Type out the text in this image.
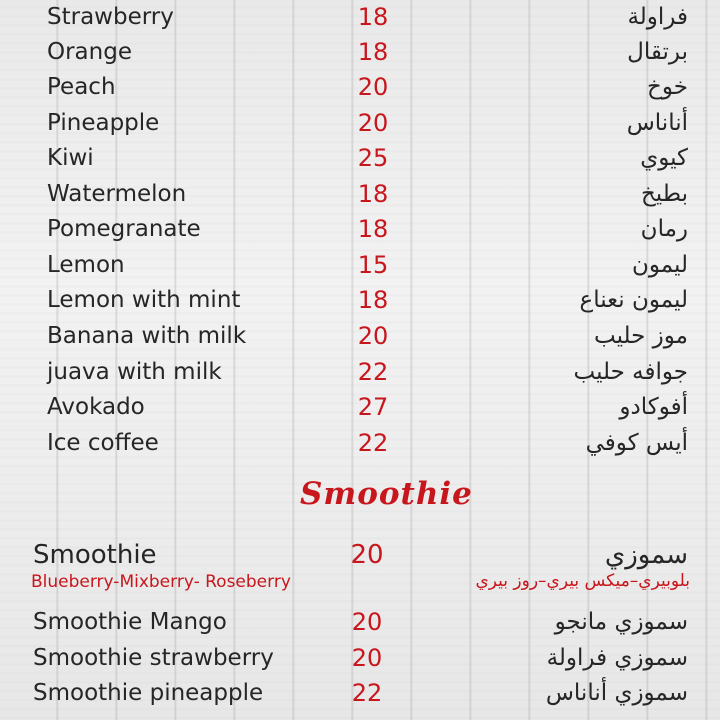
Strawberry	18	فراولة
Orange	18	برتقال
Peach	20	خوخ
Pineapple	20	أناناس
Kiwi	25	كيوي
Watermelon	18	بطيخ
Pomegranate	18	رمان
Lemon	15	ليمون
Lemon with mint	18	ليمون نعناع
Banana with milk	20	موز حليب
juava with milk	22	جوافه حليب
Avokado	27	أفوكادو
Ice coffee	22	أيس كوفي
Smoothie
Smoothie	20	سموزي
Blueberry-Mixberry- Roseberry	بلوبيري–ميكس بيري–روز بيري
Smoothie Mango	20	سموزي مانجو
Smoothie strawberry	20	سموزي فراولة
Smoothie pineapple	22	سموزي أناناس
